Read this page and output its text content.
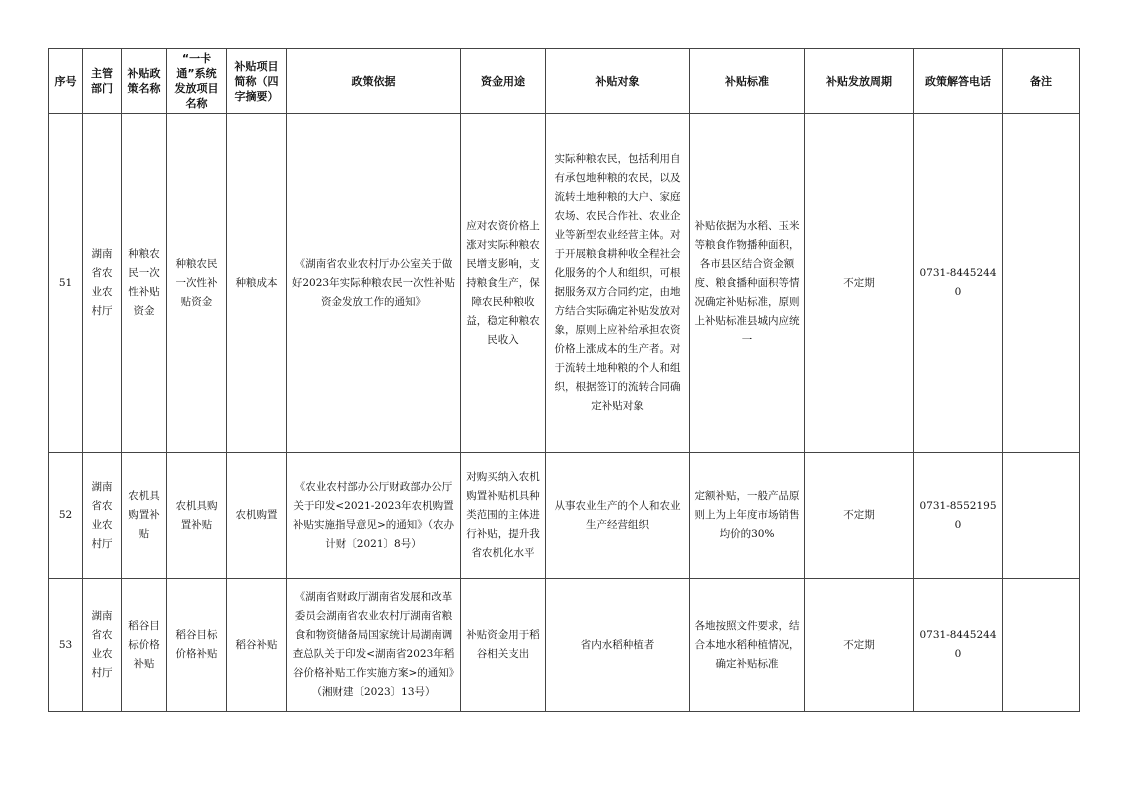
序号	主管部门	补贴政策名称	“一卡通”系统发放项目名称	补贴项目简称（四字摘要）	政策依据	资金用途	补贴对象	补贴标准	补贴发放周期	政策解答电话	备注
51	湖南省农业农村厅	种粮农民一次性补贴资金	种粮农民一次性补贴资金	种粮成本	《湖南省农业农村厅办公室关于做好2023年实际种粮农民一次性补贴资金发放工作的通知》	应对农资价格上涨对实际种粮农民增支影响，支持粮食生产，保障农民种粮收益，稳定种粮农民收入	实际种粮农民，包括利用自有承包地种粮的农民，以及流转土地种粮的大户、家庭农场、农民合作社、农业企业等新型农业经营主体。对于开展粮食耕种收全程社会化服务的个人和组织，可根据服务双方合同约定，由地方结合实际确定补贴发放对象，原则上应补给承担农资价格上涨成本的生产者。对于流转土地种粮的个人和组织，根据签订的流转合同确定补贴对象	补贴依据为水稻、玉米等粮食作物播种面积，各市县区结合资金额度、粮食播种面积等情况确定补贴标准，原则上补贴标准县城内应统一	不定期	0731-84452440	
52	湖南省农业农村厅	农机具购置补贴	农机具购置补贴	农机购置	《农业农村部办公厅财政部办公厅关于印发<2021-2023年农机购置补贴实施指导意见>的通知》（农办计财〔2021〕8号）	对购买纳入农机购置补贴机具种类范围的主体进行补贴，提升我省农机化水平	从事农业生产的个人和农业生产经营组织	定额补贴，一般产品原则上为上年度市场销售均价的30%	不定期	0731-85521950	
53	湖南省农业农村厅	稻谷目标价格补贴	稻谷目标价格补贴	稻谷补贴	《湖南省财政厅湖南省发展和改革委员会湖南省农业农村厅湖南省粮食和物资储备局国家统计局湖南调查总队关于印发<湖南省2023年稻谷价格补贴工作实施方案>的通知》（湘财建〔2023〕13号）	补贴资金用于稻谷相关支出	省内水稻种植者	各地按照文件要求，结合本地水稻种植情况，确定补贴标准	不定期	0731-84452440	
